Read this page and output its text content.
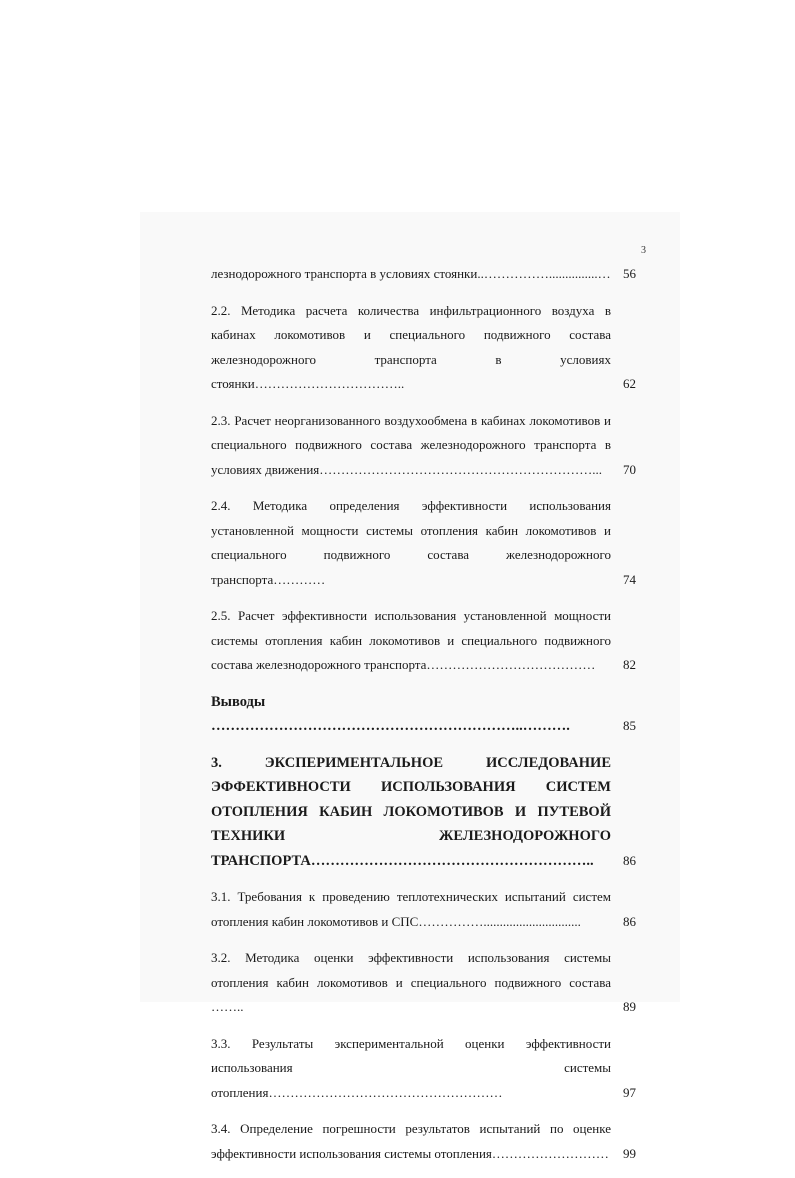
3
лезнодорожного транспорта в условиях стоянки..……………...............… 56
2.2. Методика расчета количества инфильтрационного воздуха в кабинах локомотивов и специального подвижного состава железнодорожного транспорта в условиях стоянки……………………………..	62
2.3. Расчет неорганизованного воздухообмена в кабинах локомотивов и специального подвижного состава железнодорожного транспорта в условиях движения………………………………………………………...	70
2.4. Методика определения эффективности использования установленной мощности системы отопления кабин локомотивов и специального подвижного состава железнодорожного транспорта…………	74
2.5. Расчет эффективности использования установленной мощности системы отопления кабин локомотивов и специального подвижного состава железнодорожного транспорта…………………………………	82
Выводы ………………………………………………………..……….	85
3. ЭКСПЕРИМЕНТАЛЬНОЕ ИССЛЕДОВАНИЕ ЭФФЕКТИВНОСТИ ИСПОЛЬЗОВАНИЯ СИСТЕМ ОТОПЛЕНИЯ КАБИН ЛОКОМОТИВОВ И ПУТЕВОЙ ТЕХНИКИ ЖЕЛЕЗНОДОРОЖНОГО ТРАНСПОРТА…………………………………………………..	86
3.1. Требования к проведению теплотехнических испытаний систем отопления кабин локомотивов и СПС……………..............................	86
3.2. Методика оценки эффективности использования системы отопления кабин локомотивов и специального подвижного состава ……..	89
3.3. Результаты экспериментальной оценки эффективности использования системы отопления………………………………………………	97
3.4. Определение погрешности результатов испытаний по оценке эффективности использования системы отопления……………………… 99
